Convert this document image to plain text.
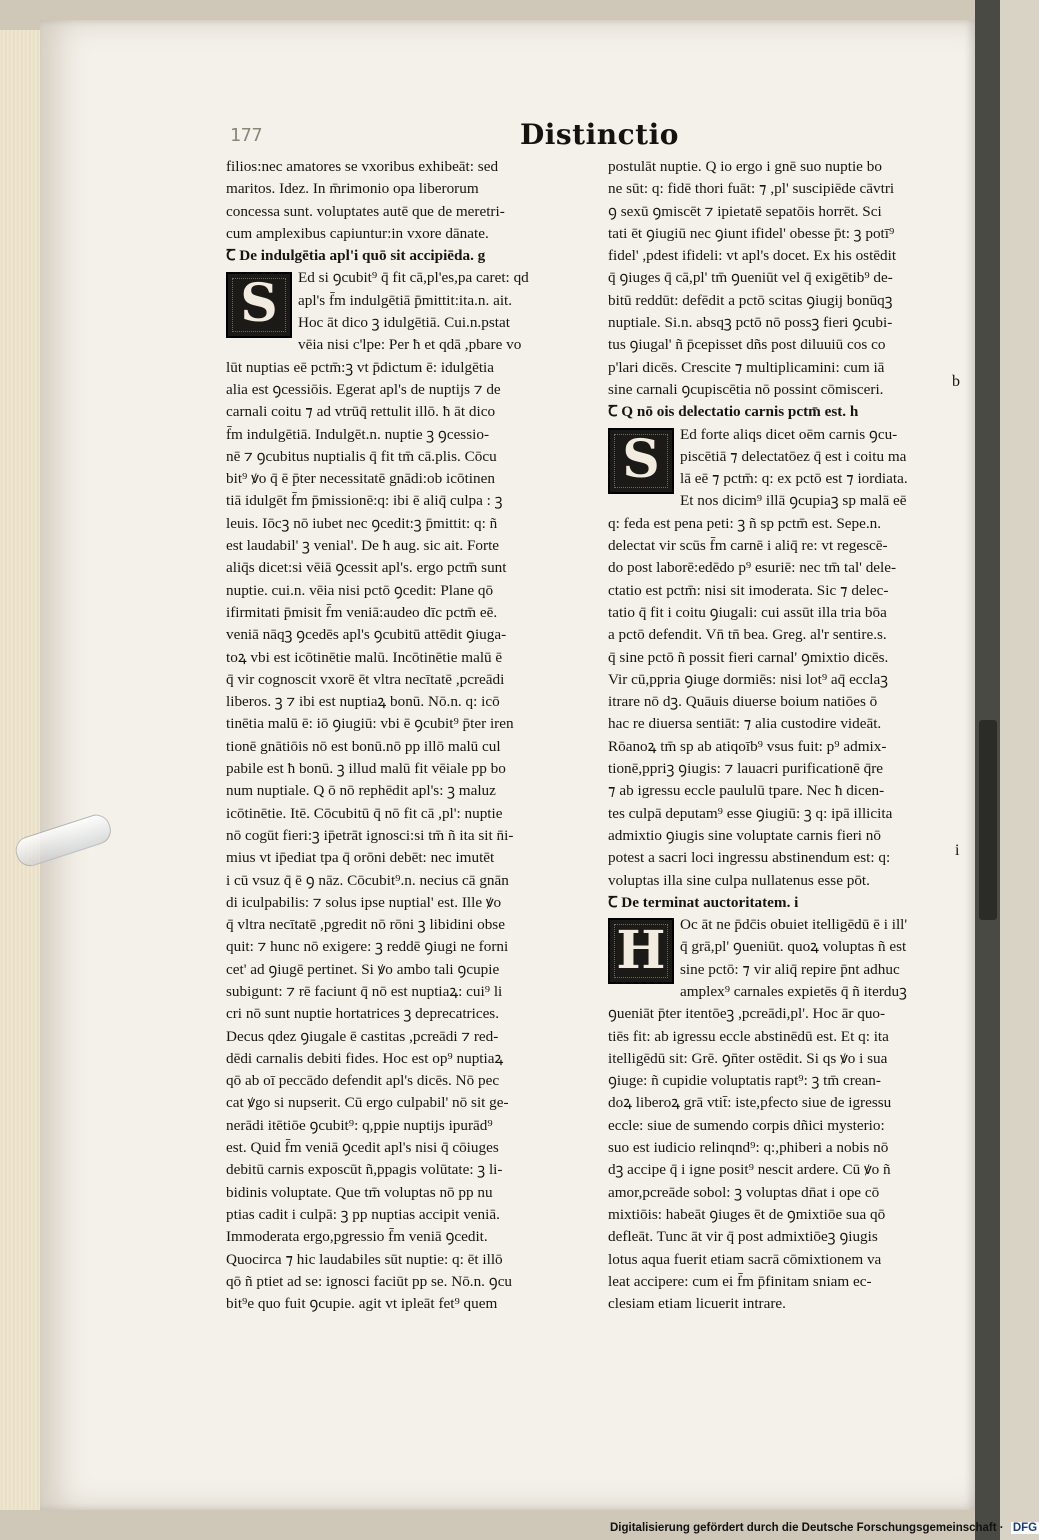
177	Distinctio
filios:nec amatores se vxoribus exhibeāt: sed
maritos. Idez. In m̄rimonio opa liberorum
concessa sunt. voluptates autē que de meretri-
cum amplexibus capiuntur:in vxore dānate.
Ꞇ De indulgētia apl'i quō sit accipiēda. g
Ed si ꝯcubit⁹ q̄ fit cā,pl'es,pa caret: qd
apl's f̄m indulgētiā p̄mittit:ita.n. ait.
Hoc āt dico ꝫ idulgētiā. Cui.n.pstat
vēia nisi c'lpe: Per ħ et qdā ,pbare vo
lūt nuptias eē pctm̄:ꝫ vt p̄dictum ē: idulgētia
alia est ꝯcessiōis. Egerat apl's de nuptijs ⁊ de
carnali coitu ⁊ ad vtrūq̄ rettulit illō. ħ āt dico
f̄m indulgētiā. Indulgēt.n. nuptie ꝫ ꝯcessio-
nē ⁊ ꝯcubitus nuptialis q̄ fit tm̄ cā.plis. Cōcu
bit⁹ ꝟo q̄ ē p̄ter necessitatē gnādi:ob icōtinen
tiā idulgēt f̄m p̄missionē:q: ibi ē aliq̄ culpa : ꝫ
leuis. Iōcꝫ nō iubet nec ꝯcedit:ꝫ p̄mittit: q: ñ
est laudabil' ꝫ venial'. De ħ aug. sic ait. Forte
aliq̄s dicet:si vēiā ꝯcessit apl's. ergo pctm̄ sunt
nuptie. cui.n. vēia nisi pctō ꝯcedit: Plane qō
ifirmitati p̄misit f̄m veniā:audeo dīc pctm̄ eē.
veniā nāqꝫ ꝯcedēs apl's ꝯcubitū attēdit ꝯiuga-
toꝝ vbi est icōtinētie malū. Incōtinētie malū ē
q̄ vir cognoscit vxorē ēt vltra necītatē ,pcreādi
liberos. ꝫ ⁊ ibi est nuptiaꝝ bonū. Nō.n. q: icō
tinētia malū ē: iō ꝯiugiū: vbi ē ꝯcubit⁹ p̄ter iren
tionē gnātiōis nō est bonū.nō pp illō malū cul
pabile est ħ bonū. ꝫ illud malū fit vēiale pp bo
num nuptiale. Q ō nō rephēdit apl's: ꝫ maluz
icōtinētie. Itē. Cōcubitū q̄ nō fit cā ,pl': nuptie
nō cogūt fieri:ꝫ ip̄etrāt ignosci:si tm̄ ñ ita sit n̄i-
mius vt ip̄ediat tpa q̄ orōni debēt: nec imutēt
i cū vsuz q̄ ē ꝯ nāz. Cōcubit⁹.n. necius cā gnān
di iculpabilis: ⁊ solus ipse nuptial' est. Ille ꝟo
q̄ vltra necītatē ,pgredit nō rōni ꝫ libidini obse
quit: ⁊ hunc nō exigere: ꝫ reddē ꝯiugi ne forni
cet' ad ꝯiugē pertinet. Si ꝟo ambo tali ꝯcupie
subigunt: ⁊ rē faciunt q̄ nō est nuptiaꝝ: cui⁹ li
cri nō sunt nuptie hortatrices ꝫ deprecatrices.
Decus qdez ꝯiugale ē castitas ,pcreādi ⁊ red-
dēdi carnalis debiti fides. Hoc est op⁹ nuptiaꝝ
qō ab oī peccādo defendit apl's dicēs. Nō pec
cat ꝟgo si nupserit. Cū ergo culpabil' nō sit ge-
nerādi itētiōe ꝯcubit⁹: q,ppie nuptijs ipurād⁹
est. Quid f̄m veniā ꝯcedit apl's nisi q̄ cōiuges
debitū carnis exposcūt ñ,ppagis volūtate: ꝫ li-
bidinis voluptate. Que tm̄ voluptas nō pp nu
ptias cadit i culpā: ꝫ pp nuptias accipit veniā.
Immoderata ergo,pgressio f̄m veniā ꝯcedit.
Quocirca ⁊ hic laudabiles sūt nuptie: q: ēt illō
qō ñ ptiet ad se: ignosci faciūt pp se. Nō.n. ꝯcu
bit⁹e quo fuit ꝯcupie. agit vt ipleāt fet⁹ quem
S
postulāt nuptie. Q io ergo i gnē suo nuptie bo
ne sūt: q: fidē thori fuāt: ⁊ ,pl' suscipiēde cāvtri
ꝯ sexū ꝯmiscēt ⁊ ipietatē sepatōis horrēt. Sci
tati ēt ꝯiugiū nec ꝯiunt ifidel' obesse p̄t: ꝫ potī⁹
fidel' ,pdest ifideli: vt apl's docet. Ex his ostēdit
q̄ ꝯiuges q̄ cā,pl' tm̄ ꝯueniūt vel q̄ exigētib⁹ de-
bitū reddūt: defēdit a pctō scitas ꝯiugij bonūqꝫ
nuptiale. Si.n. absqꝫ pctō nō possꝫ fieri ꝯcubi-
tus ꝯiugal' ñ p̄cepisset dñs post diluuiū cos co
p'lari dicēs. Crescite ⁊ multiplicamini: cum iā
sine carnali ꝯcupiscētia nō possint cōmisceri.
Ꞇ Q nō ois delectatio carnis pctm̄ est. h
Ed forte aliqs dicet oēm carnis ꝯcu-
piscētiā ⁊ delectatōez q̄ est i coitu ma
lā eē ⁊ pctm̄: q: ex pctō est ⁊ iordiata.
Et nos dicim⁹ illā ꝯcupiaꝫ sp malā eē
q: feda est pena peti: ꝫ ñ sp pctm̄ est. Sepe.n.
delectat vir scūs f̄m carnē i aliq̄ re: vt regescē-
do post laborē:edēdo p⁹ esuriē: nec tm̄ tal' dele-
ctatio est pctm̄: nisi sit imoderata. Sic ⁊ delec-
tatio q̄ fit i coitu ꝯiugali: cui assūt illa tria bōa
a pctō defendit. Vn̄ tn̄ bea. Greg. al'r sentire.s.
q̄ sine pctō ñ possit fieri carnal' ꝯmixtio dicēs.
Vir cū,ppria ꝯiuge dormiēs: nisi lot⁹ aq̄ ecclaꝫ
itrare nō dꝫ. Quāuis diuerse boium natiōes ō
hac re diuersa sentiāt: ⁊ alia custodire videāt.
Rōanoꝝ tm̄ sp ab atiqoīb⁹ vsus fuit: p⁹ admix-
tionē,ppriꝫ ꝯiugis: ⁊ lauacri purificationē q̄re
⁊ ab igressu eccle paululū tpare. Nec ħ dicen-
tes culpā deputam⁹ esse ꝯiugiū: ꝫ q: ipā illicita
admixtio ꝯiugis sine voluptate carnis fieri nō
potest a sacri loci ingressu abstinendum est: q:
voluptas illa sine culpa nullatenus esse pōt.
Ꞇ De terminat auctoritatem. i
S
Oc āt ne p̄dc̄is obuiet itelligēdū ē i ill'
q̄ grā,pl' ꝯueniūt. quoꝝ voluptas ñ est
sine pctō: ⁊ vir aliq̄ repire p̄nt adhuc
amplex⁹ carnales expietēs q̄ ñ iterduꝫ
ꝯueniāt p̄ter itentōeꝫ ,pcreādi,pl'. Hoc ār quo-
tiēs fit: ab igressu eccle abstinēdū est. Et q: ita
itelligēdū sit: Grē. ꝯn̄ter ostēdit. Si qs ꝟo i sua
ꝯiuge: ñ cupidie voluptatis rapt⁹: ꝫ tm̄ crean-
doꝝ liberoꝝ grā vtit̄: iste,pfecto siue de igressu
eccle: siue de sumendo corpis dñici mysterio:
suo est iudicio relinqnd⁹: q:,phiberi a nobis nō
dꝫ accipe q̄ i igne posit⁹ nescit ardere. Cū ꝟo ñ
amor,pcreāde sobol: ꝫ voluptas dn̄at i ope cō
mixtiōis: habeāt ꝯiuges ēt de ꝯmixtiōe sua qō
defleāt. Tunc āt vir q̄ post admixtiōeꝫ ꝯiugis
lotus aqua fuerit etiam sacrā cōmixtionem va
leat accipere: cum ei f̄m p̄finitam sniam ec-
clesiam etiam licuerit intrare.
H
b
i
Digitalisierung gefördert durch die Deutsche Forschungsgemeinschaft · DFG
